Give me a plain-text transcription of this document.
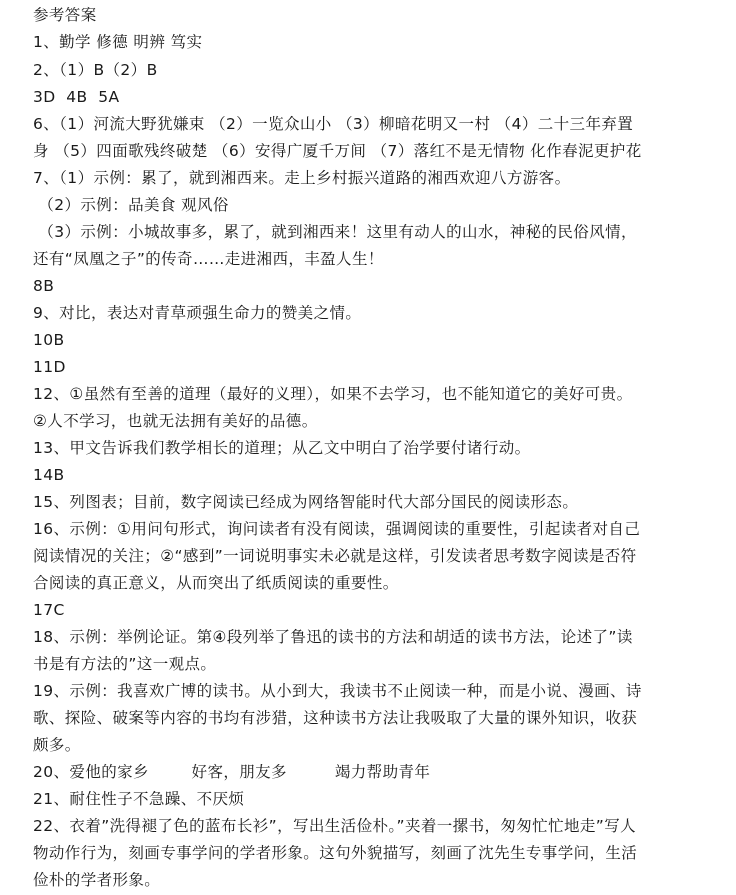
参考答案
1、勤学 修德 明辨 笃实
2、（1）B（2）B
3D  4B  5A
6、（1）河流大野犹嫌束 （2）一览众山小 （3）柳暗花明又一村 （4）二十三年弃置
身 （5）四面歌残终破楚 （6）安得广厦千万间 （7）落红不是无情物 化作春泥更护花
7、（1）示例：累了，就到湘西来。走上乡村振兴道路的湘西欢迎八方游客。
（2）示例：品美食 观风俗
（3）示例：小城故事多，累了，就到湘西来！这里有动人的山水，神秘的民俗风情，
还有“凤凰之子”的传奇……走进湘西，丰盈人生！
8B
9、对比，表达对青草顽强生命力的赞美之情。
10B
11D
12、①虽然有至善的道理（最好的义理），如果不去学习，也不能知道它的美好可贵。
②人不学习，也就无法拥有美好的品德。
13、甲文告诉我们教学相长的道理；从乙文中明白了治学要付诸行动。
14B
15、列图表；目前，数字阅读已经成为网络智能时代大部分国民的阅读形态。
16、示例：①用问句形式，询问读者有没有阅读，强调阅读的重要性，引起读者对自己
阅读情况的关注；②“感到”一词说明事实未必就是这样，引发读者思考数字阅读是否符
合阅读的真正意义，从而突出了纸质阅读的重要性。
17C
18、示例：举例论证。第④段列举了鲁迅的读书的方法和胡适的读书方法，论述了”读
书是有方法的”这一观点。
19、示例：我喜欢广博的读书。从小到大，我读书不止阅读一种，而是小说、漫画、诗
歌、探险、破案等内容的书均有涉猎，这种读书方法让我吸取了大量的课外知识，收获
颇多。
20、爱他的家乡        好客，朋友多         竭力帮助青年
21、耐住性子不急躁、不厌烦
22、衣着”洗得褪了色的蓝布长衫”，写出生活俭朴。”夹着一摞书，匆匆忙忙地走”写人
物动作行为，刻画专事学问的学者形象。这句外貌描写，刻画了沈先生专事学问，生活
俭朴的学者形象。
